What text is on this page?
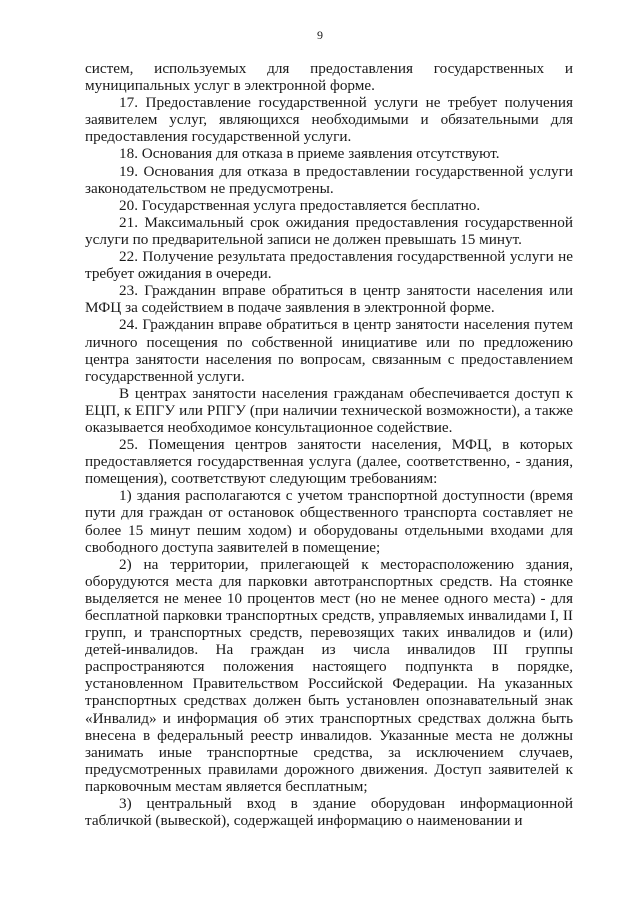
9

систем, используемых для предоставления государственных и муниципальных услуг в электронной форме.

17. Предоставление государственной услуги не требует получения заявителем услуг, являющихся необходимыми и обязательными для предоставления государственной услуги.

18. Основания для отказа в приеме заявления отсутствуют.

19. Основания для отказа в предоставлении государственной услуги законодательством не предусмотрены.

20. Государственная услуга предоставляется бесплатно.

21. Максимальный срок ожидания предоставления государственной услуги по предварительной записи не должен превышать 15 минут.

22. Получение результата предоставления государственной услуги не требует ожидания в очереди.

23. Гражданин вправе обратиться в центр занятости населения или МФЦ за содействием в подаче заявления в электронной форме.

24. Гражданин вправе обратиться в центр занятости населения путем личного посещения по собственной инициативе или по предложению центра занятости населения по вопросам, связанным с предоставлением государственной услуги.

В центрах занятости населения гражданам обеспечивается доступ к ЕЦП, к ЕПГУ или РПГУ (при наличии технической возможности), а также оказывается необходимое консультационное содействие.

25. Помещения центров занятости населения, МФЦ, в которых предоставляется государственная услуга (далее, соответственно, - здания, помещения), соответствуют следующим требованиям:

1) здания располагаются с учетом транспортной доступности (время пути для граждан от остановок общественного транспорта составляет не более 15 минут пешим ходом) и оборудованы отдельными входами для свободного доступа заявителей в помещение;

2) на территории, прилегающей к месторасположению здания, оборудуются места для парковки автотранспортных средств. На стоянке выделяется не менее 10 процентов мест (но не менее одного места) - для бесплатной парковки транспортных средств, управляемых инвалидами I, II групп, и транспортных средств, перевозящих таких инвалидов и (или) детей-инвалидов. На граждан из числа инвалидов III группы распространяются положения настоящего подпункта в порядке, установленном Правительством Российской Федерации. На указанных транспортных средствах должен быть установлен опознавательный знак «Инвалид» и информация об этих транспортных средствах должна быть внесена в федеральный реестр инвалидов. Указанные места не должны занимать иные транспортные средства, за исключением случаев, предусмотренных правилами дорожного движения. Доступ заявителей к парковочным местам является бесплатным;

3) центральный вход в здание оборудован информационной табличкой (вывеской), содержащей информацию о наименовании и
